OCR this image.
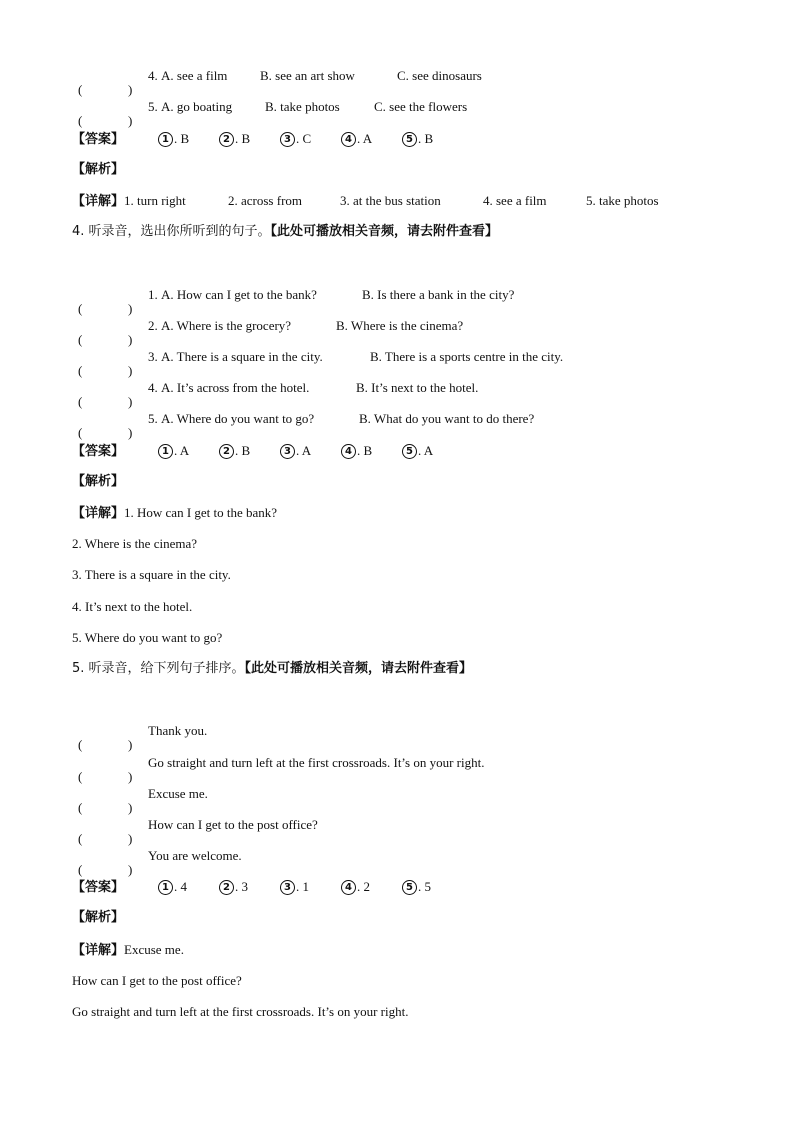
(	)
4. A. see a film	B. see an art show	C. see dinosaurs
(	)
5. A. go boating	B. take photos	C. see the flowers
【答案】	1 . B	2 . B	3 . C	4 . A	5 . B
【解析】
【详解】1. turn right	2. across from	3. at the bus station	4. see a film	5. take photos
4. 听录音，选出你所听到的句子。【此处可播放相关音频，请去附件查看】
(	)
1. A. How can I get to the bank?	B. Is there a bank in the city?
(	)
2. A. Where is the grocery?	B. Where is the cinema?
(	)
3. A. There is a square in the city.	B. There is a sports centre in the city.
(	)
4. A. It’s across from the hotel.	B. It’s next to the hotel.
(	)
5. A. Where do you want to go?	B. What do you want to do there?
【答案】	1 . A	2 . B	3 . A	4 . B	5 . A
【解析】
【详解】1. How can I get to the bank?
2. Where is the cinema?
3. There is a square in the city.
4. It’s next to the hotel.
5. Where do you want to go?
5. 听录音，给下列句子排序。【此处可播放相关音频，请去附件查看】
(	)
Thank you.
(	)
Go straight and turn left at the first crossroads. It’s on your right.
(	)
Excuse me.
(	)
How can I get to the post office?
(	)
You are welcome.
【答案】	1 . 4	2 . 3	3 . 1	4 . 2	5 . 5
【解析】
【详解】Excuse me.
How can I get to the post office?
Go straight and turn left at the first crossroads. It’s on your right.
